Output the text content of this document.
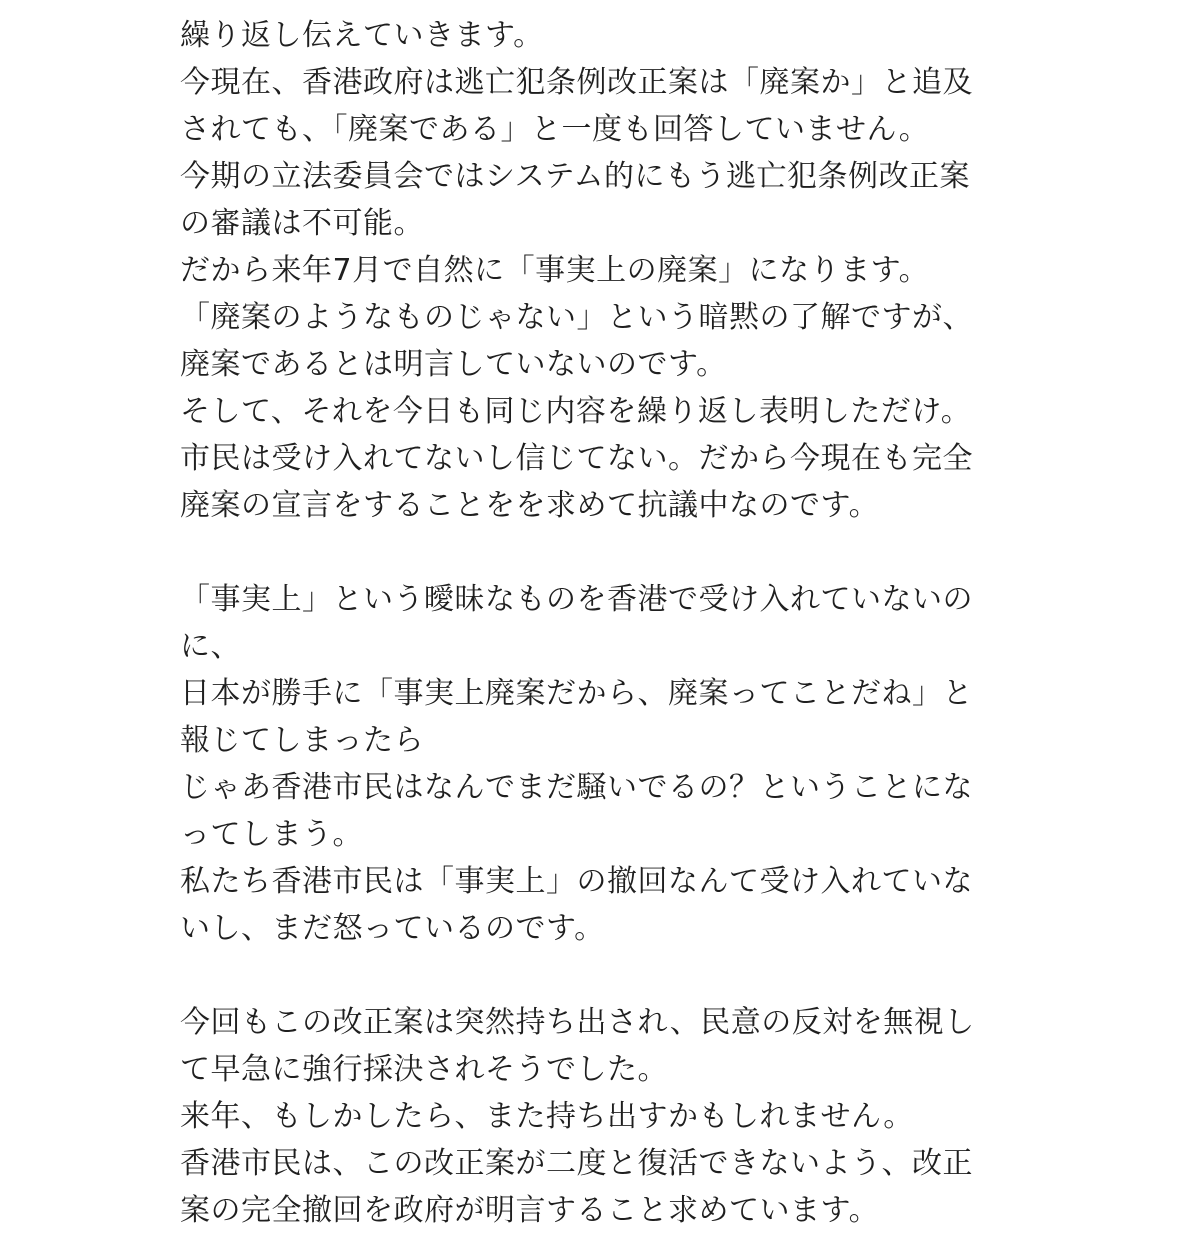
繰り返し伝えていきます。
今現在、香港政府は逃亡犯条例改正案は「廃案か」と追及
されても、「廃案である」と一度も回答していません。
今期の立法委員会ではシステム的にもう逃亡犯条例改正案
の審議は不可能。
だから来年7月で自然に「事実上の廃案」になります。
「廃案のようなものじゃない」という暗黙の了解ですが、
廃案であるとは明言していないのです。
そして、それを今日も同じ内容を繰り返し表明しただけ。
市民は受け入れてないし信じてない。だから今現在も完全
廃案の宣言をすることをを求めて抗議中なのです。
「事実上」という曖昧なものを香港で受け入れていないの
に、
日本が勝手に「事実上廃案だから、廃案ってことだね」と
報じてしまったら
じゃあ香港市民はなんでまだ騒いでるの？ということにな
ってしまう。
私たち香港市民は「事実上」の撤回なんて受け入れていな
いし、まだ怒っているのです。
今回もこの改正案は突然持ち出され、民意の反対を無視し
て早急に強行採決されそうでした。
来年、もしかしたら、また持ち出すかもしれません。
香港市民は、この改正案が二度と復活できないよう、改正
案の完全撤回を政府が明言すること求めています。
